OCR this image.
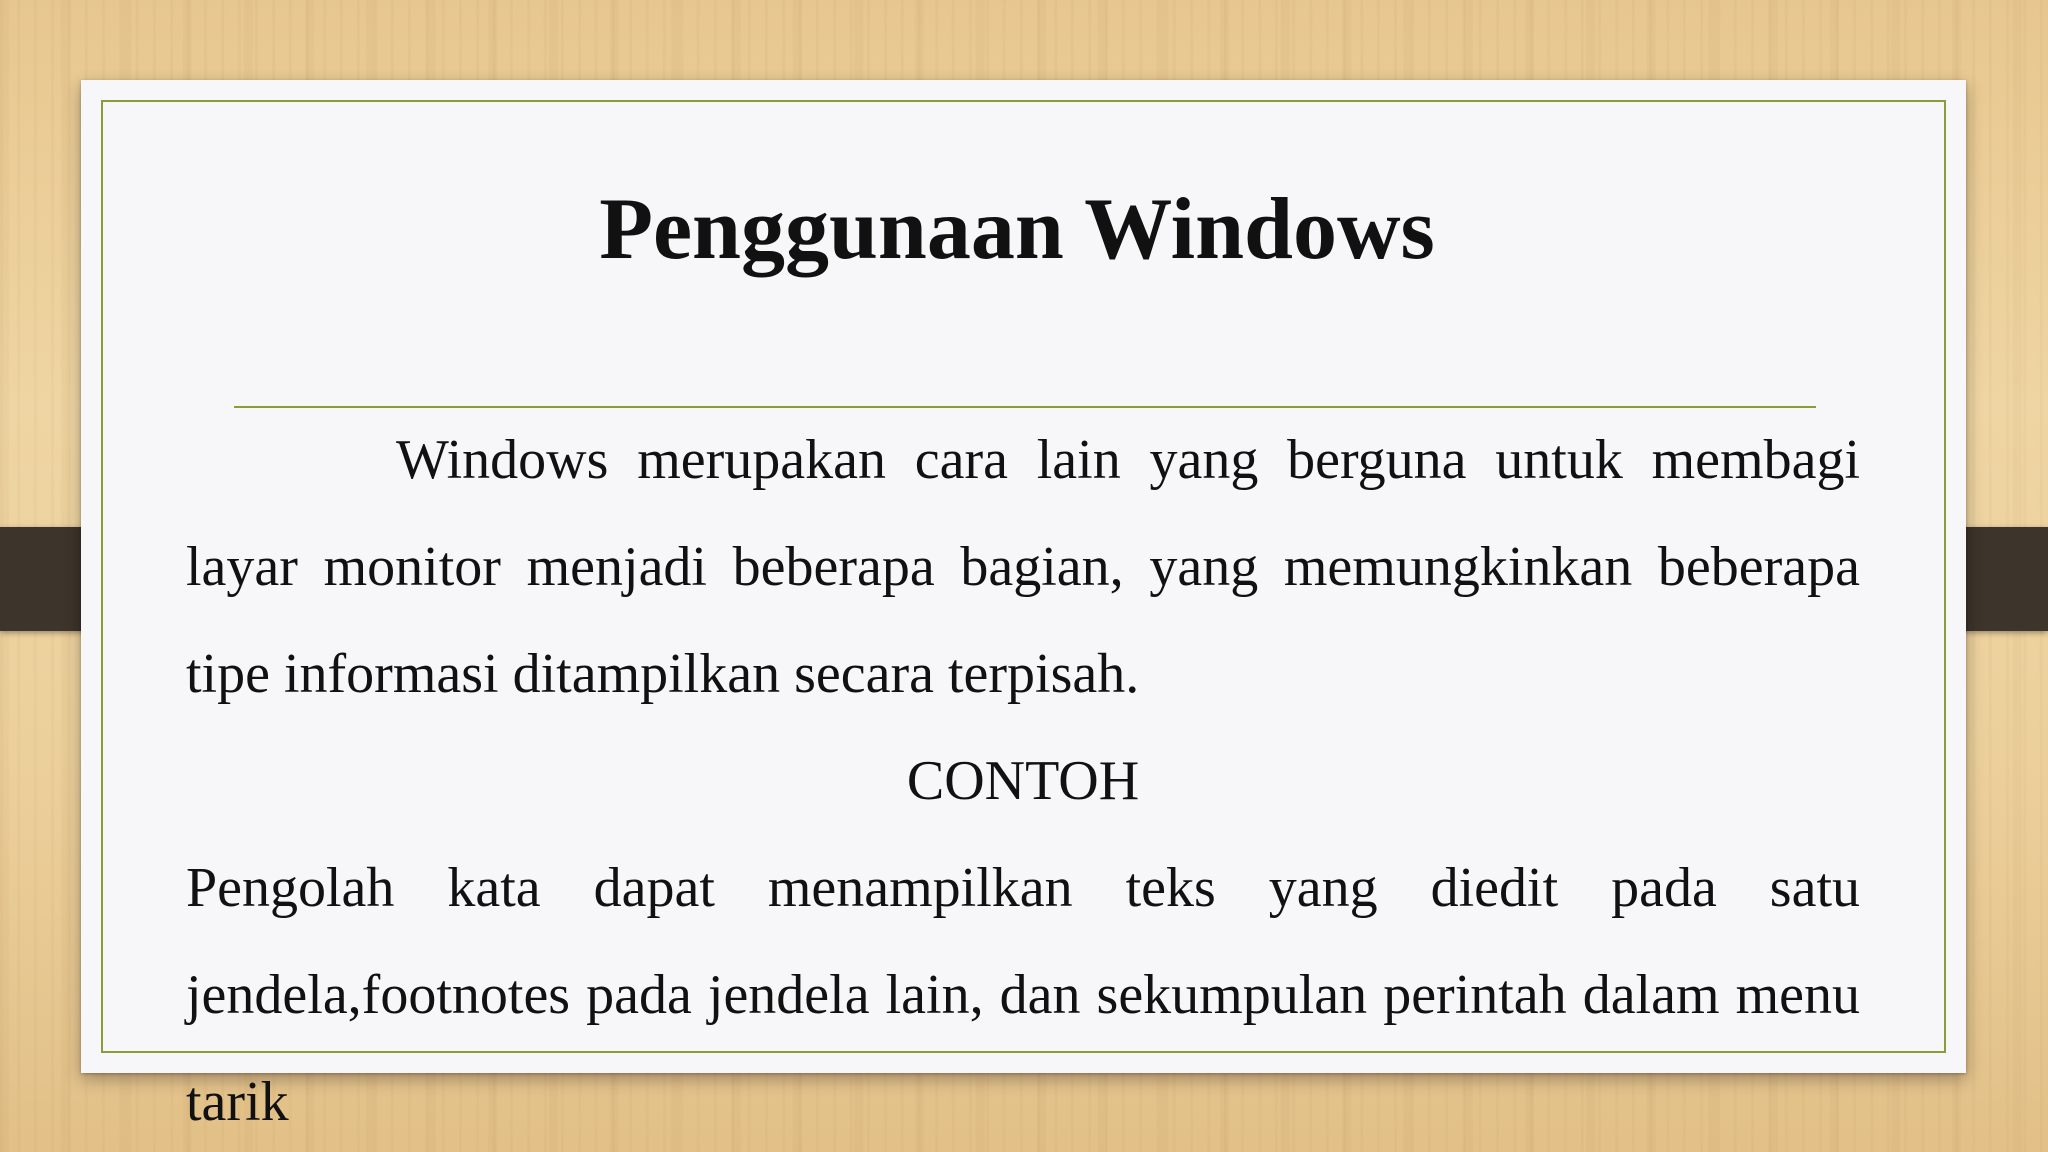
Penggunaan Windows

Windows merupakan cara lain yang berguna untuk membagi layar monitor menjadi beberapa bagian, yang memungkinkan beberapa tipe informasi ditampilkan secara terpisah.

CONTOH

Pengolah kata dapat menampilkan teks yang diedit pada satu jendela,footnotes pada jendela lain, dan sekumpulan perintah dalam menu tarik
